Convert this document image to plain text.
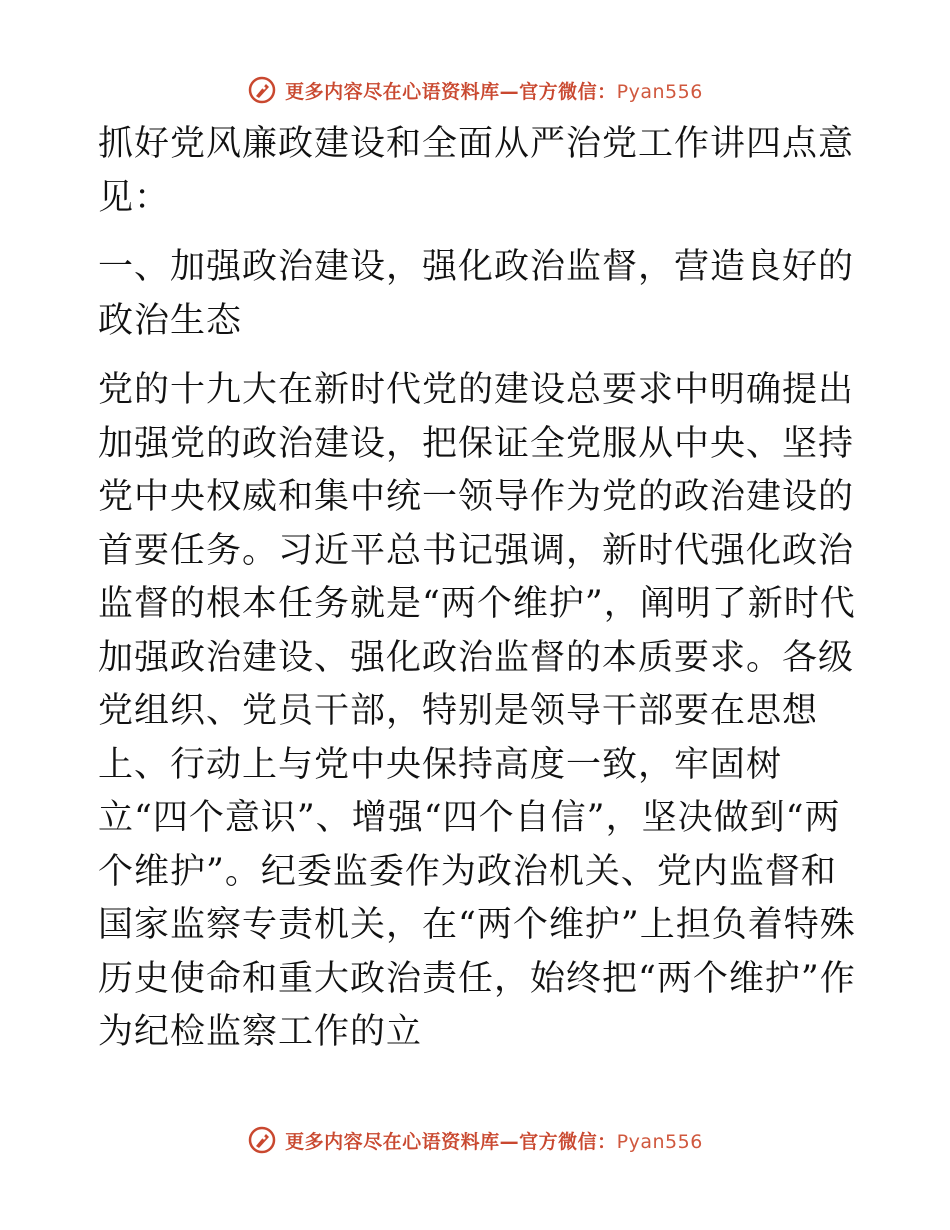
更多内容尽在心语资料库—官方微信：Pyan556

抓好党风廉政建设和全面从严治党工作讲四点意见：

一、加强政治建设，强化政治监督，营造良好的政治生态

党的十九大在新时代党的建设总要求中明确提出加强党的政治建设，把保证全党服从中央、坚持党中央权威和集中统一领导作为党的政治建设的首要任务。习近平总书记强调，新时代强化政治监督的根本任务就是“两个维护”，阐明了新时代加强政治建设、强化政治监督的本质要求。各级党组织、党员干部，特别是领导干部要在思想上、行动上与党中央保持高度一致，牢固树立“四个意识”、增强“四个自信”，坚决做到“两个维护”。纪委监委作为政治机关、党内监督和国家监察专责机关，在“两个维护”上担负着特殊历史使命和重大政治责任，始终把“两个维护”作为纪检监察工作的立

更多内容尽在心语资料库—官方微信：Pyan556
